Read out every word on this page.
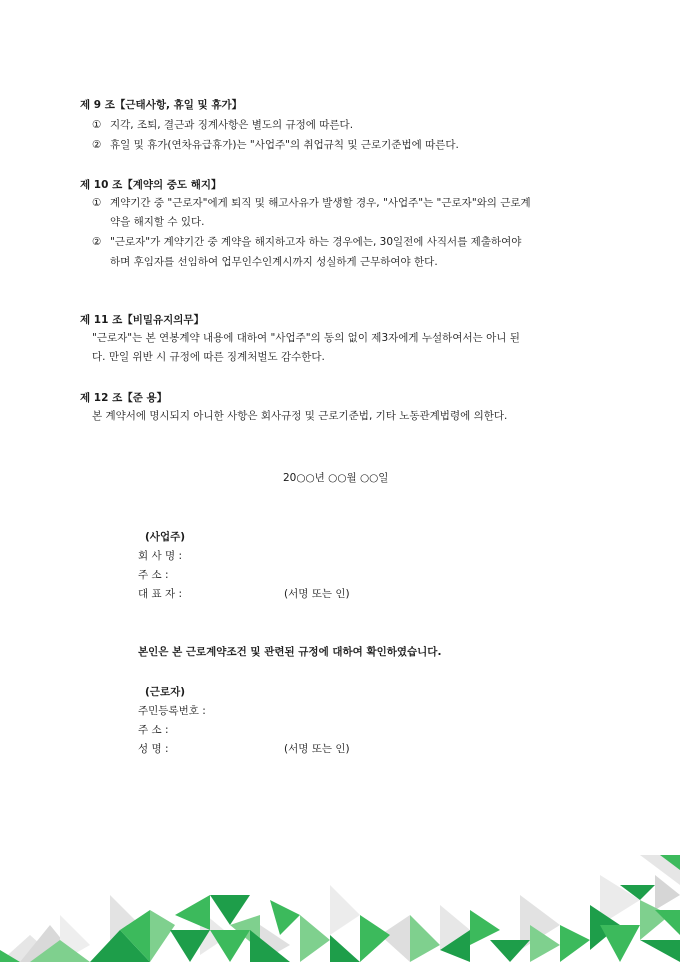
제 9 조【근태사항, 휴일 및 휴가】
① 지각, 조퇴, 결근과 징계사항은 별도의 규정에 따른다.
② 휴일 및 휴가(연차유급휴가)는 "사업주"의 취업규칙 및 근로기준법에 따른다.
제 10 조【계약의 중도 해지】
① 계약기간 중 "근로자"에게 퇴직 및 해고사유가 발생할 경우, "사업주"는 "근로자"와의 근로계
약을 해지할 수 있다.
② "근로자"가 계약기간 중 계약을 해지하고자 하는 경우에는, 30일전에 사직서를 제출하여야
하며 후임자를 선임하여 업무인수인계시까지 성실하게 근무하여야 한다.
제 11 조【비밀유지의무】
"근로자"는 본 연봉계약 내용에 대하여 "사업주"의 동의 없이 제3자에게 누설하여서는 아니 된
다. 만일 위반 시 규정에 따른 징계처벌도 감수한다.
제 12 조【준 용】
본 계약서에 명시되지 아니한 사항은 회사규정 및 근로기준법, 기타 노동관계법령에 의한다.
20○○년 ○○월 ○○일
(사업주)
회 사 명 :
주 소 :
대 표 자 :	(서명 또는 인)
본인은 본 근로계약조건 및 관련된 규정에 대하여 확인하였습니다.
(근로자)
주민등록번호 :
주 소 :
성 명 :	(서명 또는 인)
